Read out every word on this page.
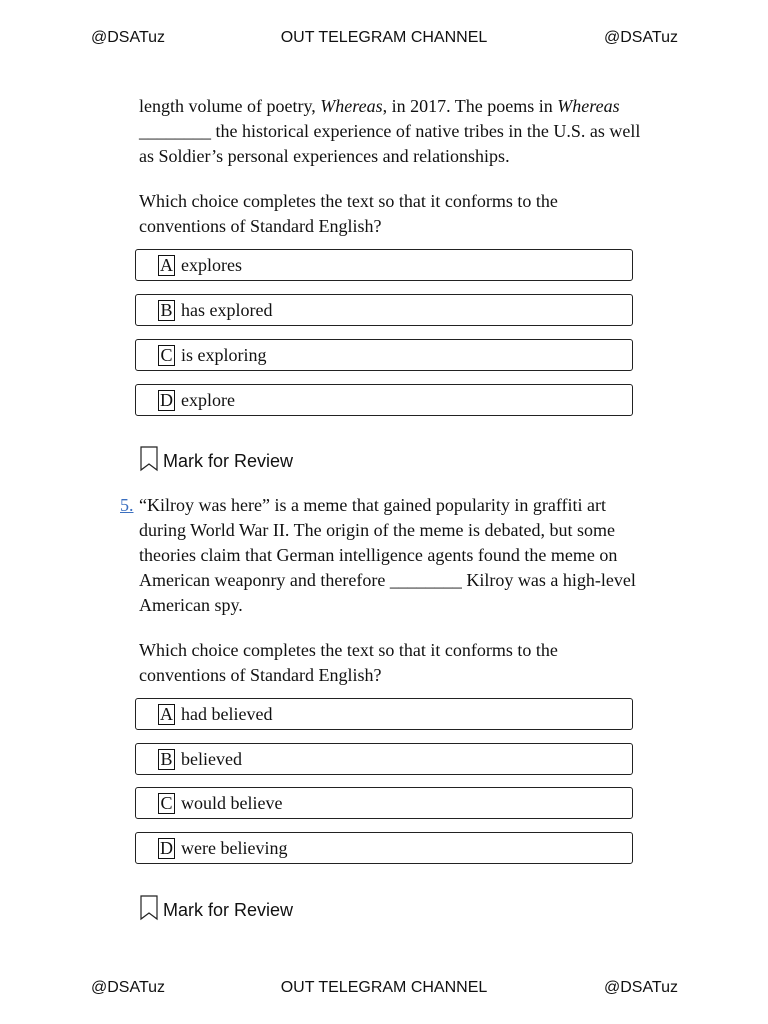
@DSATuz	OUT TELEGRAM CHANNEL	@DSATuz
length volume of poetry, Whereas, in 2017. The poems in Whereas
________ the historical experience of native tribes in the U.S. as well
as Soldier’s personal experiences and relationships.
Which choice completes the text so that it conforms to the
conventions of Standard English?
A explores
B has explored
C is exploring
D explore
Mark for Review
5. “Kilroy was here” is a meme that gained popularity in graffiti art
during World War II. The origin of the meme is debated, but some
theories claim that German intelligence agents found the meme on
American weaponry and therefore ________ Kilroy was a high-level
American spy.
Which choice completes the text so that it conforms to the
conventions of Standard English?
A had believed
B believed
C would believe
D were believing
Mark for Review
@DSATuz	OUT TELEGRAM CHANNEL	@DSATuz
